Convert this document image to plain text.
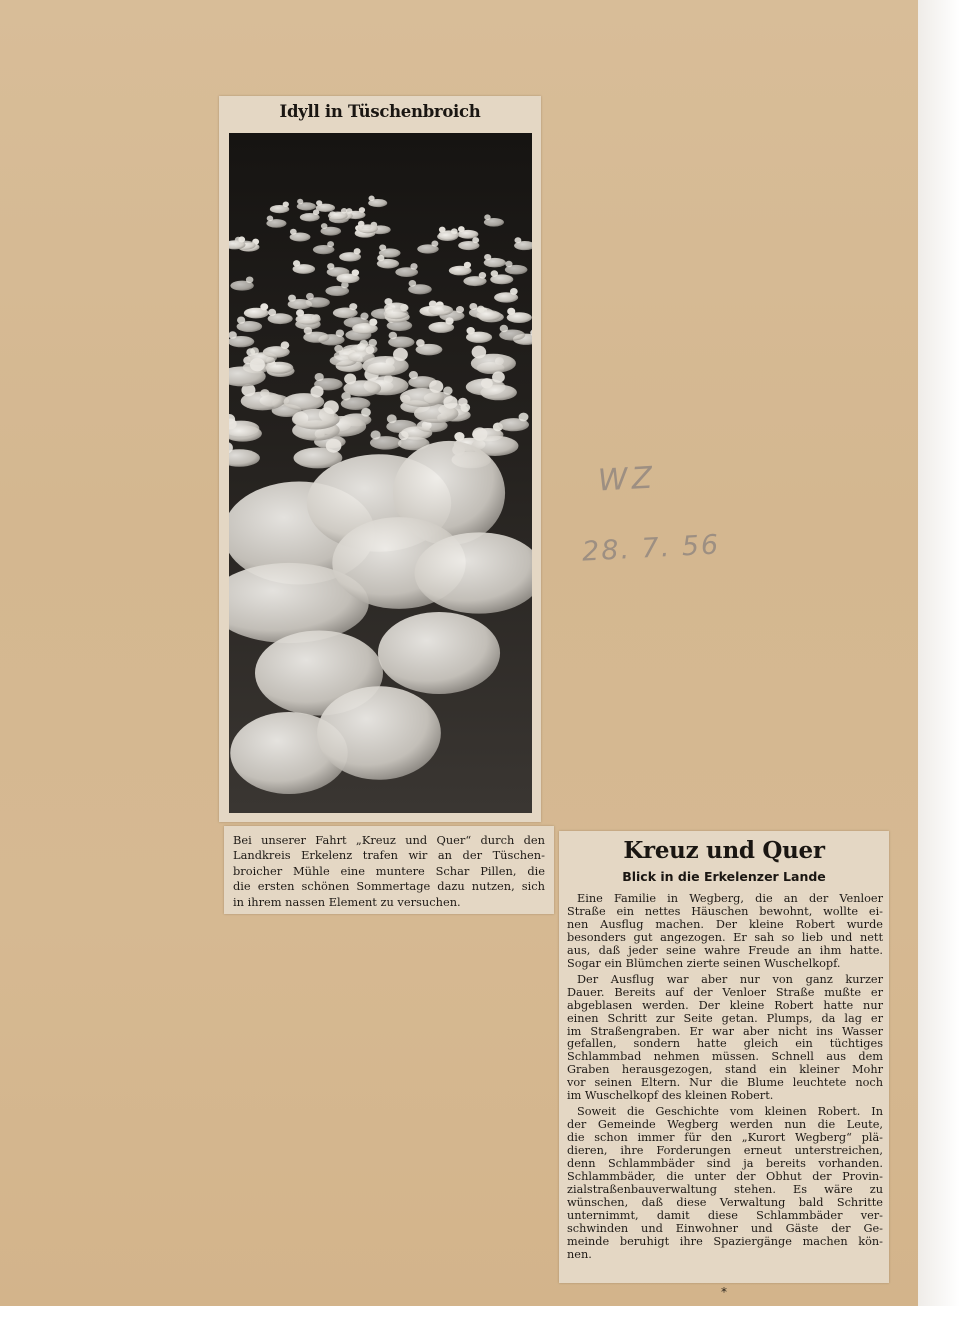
Idyll in Tüschenbroich
Bei unserer Fahrt „Kreuz und Quer“ durch den
Landkreis Erkelenz trafen wir an der Tüschen-
broicher Mühle eine muntere Schar Pillen, die
die ersten schönen Sommertage dazu nutzen, sich
in ihrem nassen Element zu versuchen.
Kreuz und Quer
Blick in die Erkelenzer Lande
Eine Familie in Wegberg, die an der Venloer
Straße ein nettes Häuschen bewohnt, wollte ei-
nen Ausflug machen. Der kleine Robert wurde
besonders gut angezogen. Er sah so lieb und nett
aus, daß jeder seine wahre Freude an ihm hatte.
Sogar ein Blümchen zierte seinen Wuschelkopf.
Der Ausflug war aber nur von ganz kurzer
Dauer. Bereits auf der Venloer Straße mußte er
abgeblasen werden. Der kleine Robert hatte nur
einen Schritt zur Seite getan. Plumps, da lag er
im Straßengraben. Er war aber nicht ins Wasser
gefallen, sondern hatte gleich ein tüchtiges
Schlammbad nehmen müssen. Schnell aus dem
Graben herausgezogen, stand ein kleiner Mohr
vor seinen Eltern. Nur die Blume leuchtete noch
im Wuschelkopf des kleinen Robert.
Soweit die Geschichte vom kleinen Robert. In
der Gemeinde Wegberg werden nun die Leute,
die schon immer für den „Kurort Wegberg“ plä-
dieren, ihre Forderungen erneut unterstreichen,
denn Schlammbäder sind ja bereits vorhanden.
Schlammbäder, die unter der Obhut der Provin-
zialstraßenbauverwaltung stehen. Es wäre zu
wünschen, daß diese Verwaltung bald Schritte
unternimmt, damit diese Schlammbäder ver-
schwinden und Einwohner und Gäste der Ge-
meinde beruhigt ihre Spaziergänge machen kön-
nen.
*
WZ
28. 7. 56
